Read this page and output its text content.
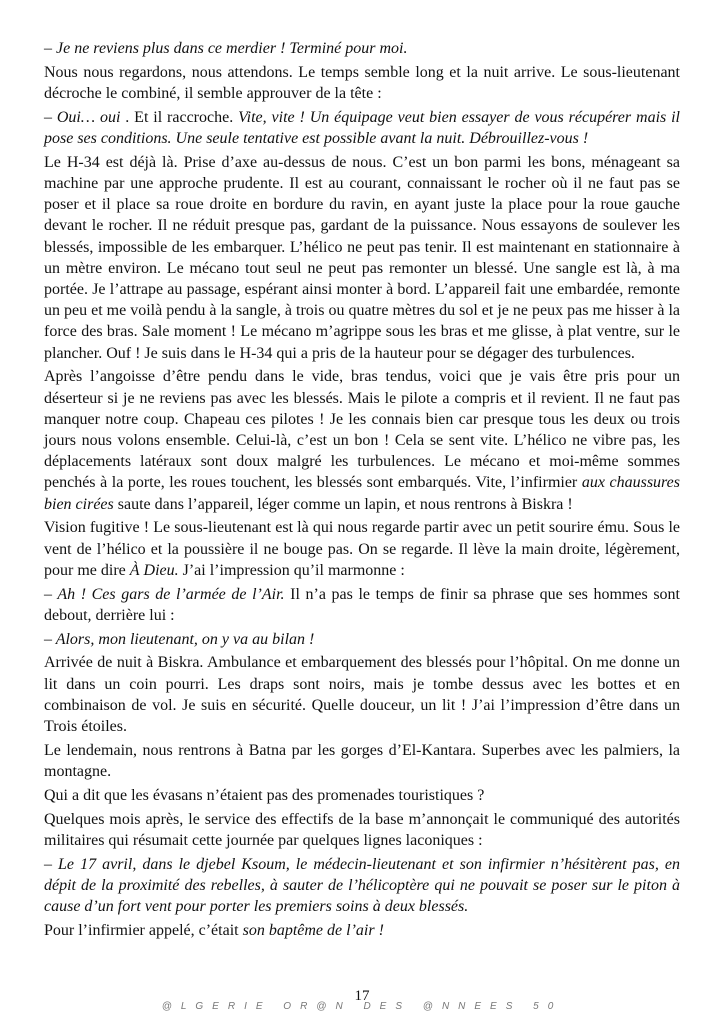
– Je ne reviens plus dans ce merdier ! Terminé pour moi.

Nous nous regardons, nous attendons. Le temps semble long et la nuit arrive. Le sous-lieutenant décroche le combiné, il semble approuver de la tête :

– Oui… oui . Et il raccroche. Vite, vite ! Un équipage veut bien essayer de vous récupérer mais il pose ses conditions. Une seule tentative est possible avant la nuit. Débrouillez-vous !

Le H-34 est déjà là. Prise d’axe au-dessus de nous. C’est un bon parmi les bons, ménageant sa machine par une approche prudente. Il est au courant, connaissant le rocher où il ne faut pas se poser et il place sa roue droite en bordure du ravin, en ayant juste la place pour la roue gauche devant le rocher. Il ne réduit presque pas, gardant de la puissance. Nous essayons de soulever les blessés, impossible de les embarquer. L’hélico ne peut pas tenir. Il est maintenant en stationnaire à un mètre environ. Le mécano tout seul ne peut pas remonter un blessé. Une sangle est là, à ma portée. Je l’attrape au passage, espérant ainsi monter à bord. L’appareil fait une embardée, remonte un peu et me voilà pendu à la sangle, à trois ou quatre mètres du sol et je ne peux pas me hisser à la force des bras. Sale moment ! Le mécano m’agrippe sous les bras et me glisse, à plat ventre, sur le plancher. Ouf ! Je suis dans le H-34 qui a pris de la hauteur pour se dégager des turbulences.

Après l’angoisse d’être pendu dans le vide, bras tendus, voici que je vais être pris pour un déserteur si je ne reviens pas avec les blessés. Mais le pilote a compris et il revient. Il ne faut pas manquer notre coup. Chapeau ces pilotes ! Je les connais bien car presque tous les deux ou trois jours nous volons ensemble. Celui-là, c’est un bon ! Cela se sent vite. L’hélico ne vibre pas, les déplacements latéraux sont doux malgré les turbulences. Le mécano et moi-même sommes penchés à la porte, les roues touchent, les blessés sont embarqués. Vite, l’infirmier aux chaussures bien cirées saute dans l’appareil, léger comme un lapin, et nous rentrons à Biskra !

Vision fugitive ! Le sous-lieutenant est là qui nous regarde partir avec un petit sourire ému. Sous le vent de l’hélico et la poussière il ne bouge pas. On se regarde. Il lève la main droite, légèrement, pour me dire À Dieu. J’ai l’impression qu’il marmonne :

– Ah ! Ces gars de l’armée de l’Air. Il n’a pas le temps de finir sa phrase que ses hommes sont debout, derrière lui :

– Alors, mon lieutenant, on y va au bilan !

Arrivée de nuit à Biskra. Ambulance et embarquement des blessés pour l’hôpital. On me donne un lit dans un coin pourri. Les draps sont noirs, mais je tombe dessus avec les bottes et en combinaison de vol. Je suis en sécurité. Quelle douceur, un lit ! J’ai l’impression d’être dans un Trois étoiles.

Le lendemain, nous rentrons à Batna par les gorges d’El-Kantara. Superbes avec les palmiers, la montagne.

Qui a dit que les évasans n’étaient pas des promenades touristiques ?

Quelques mois après, le service des effectifs de la base m’annonçait le communiqué des autorités militaires qui résumait cette journée par quelques lignes laconiques :

– Le 17 avril, dans le djebel Ksoum, le médecin-lieutenant et son infirmier n’hésitèrent pas, en dépit de la proximité des rebelles, à sauter de l’hélicoptère qui ne pouvait se poser sur le piton à cause d’un fort vent pour porter les premiers soins à deux blessés.

Pour l’infirmier appelé, c’était son baptême de l’air !

17
@LGERIE OR@N DES @NNEES 50
